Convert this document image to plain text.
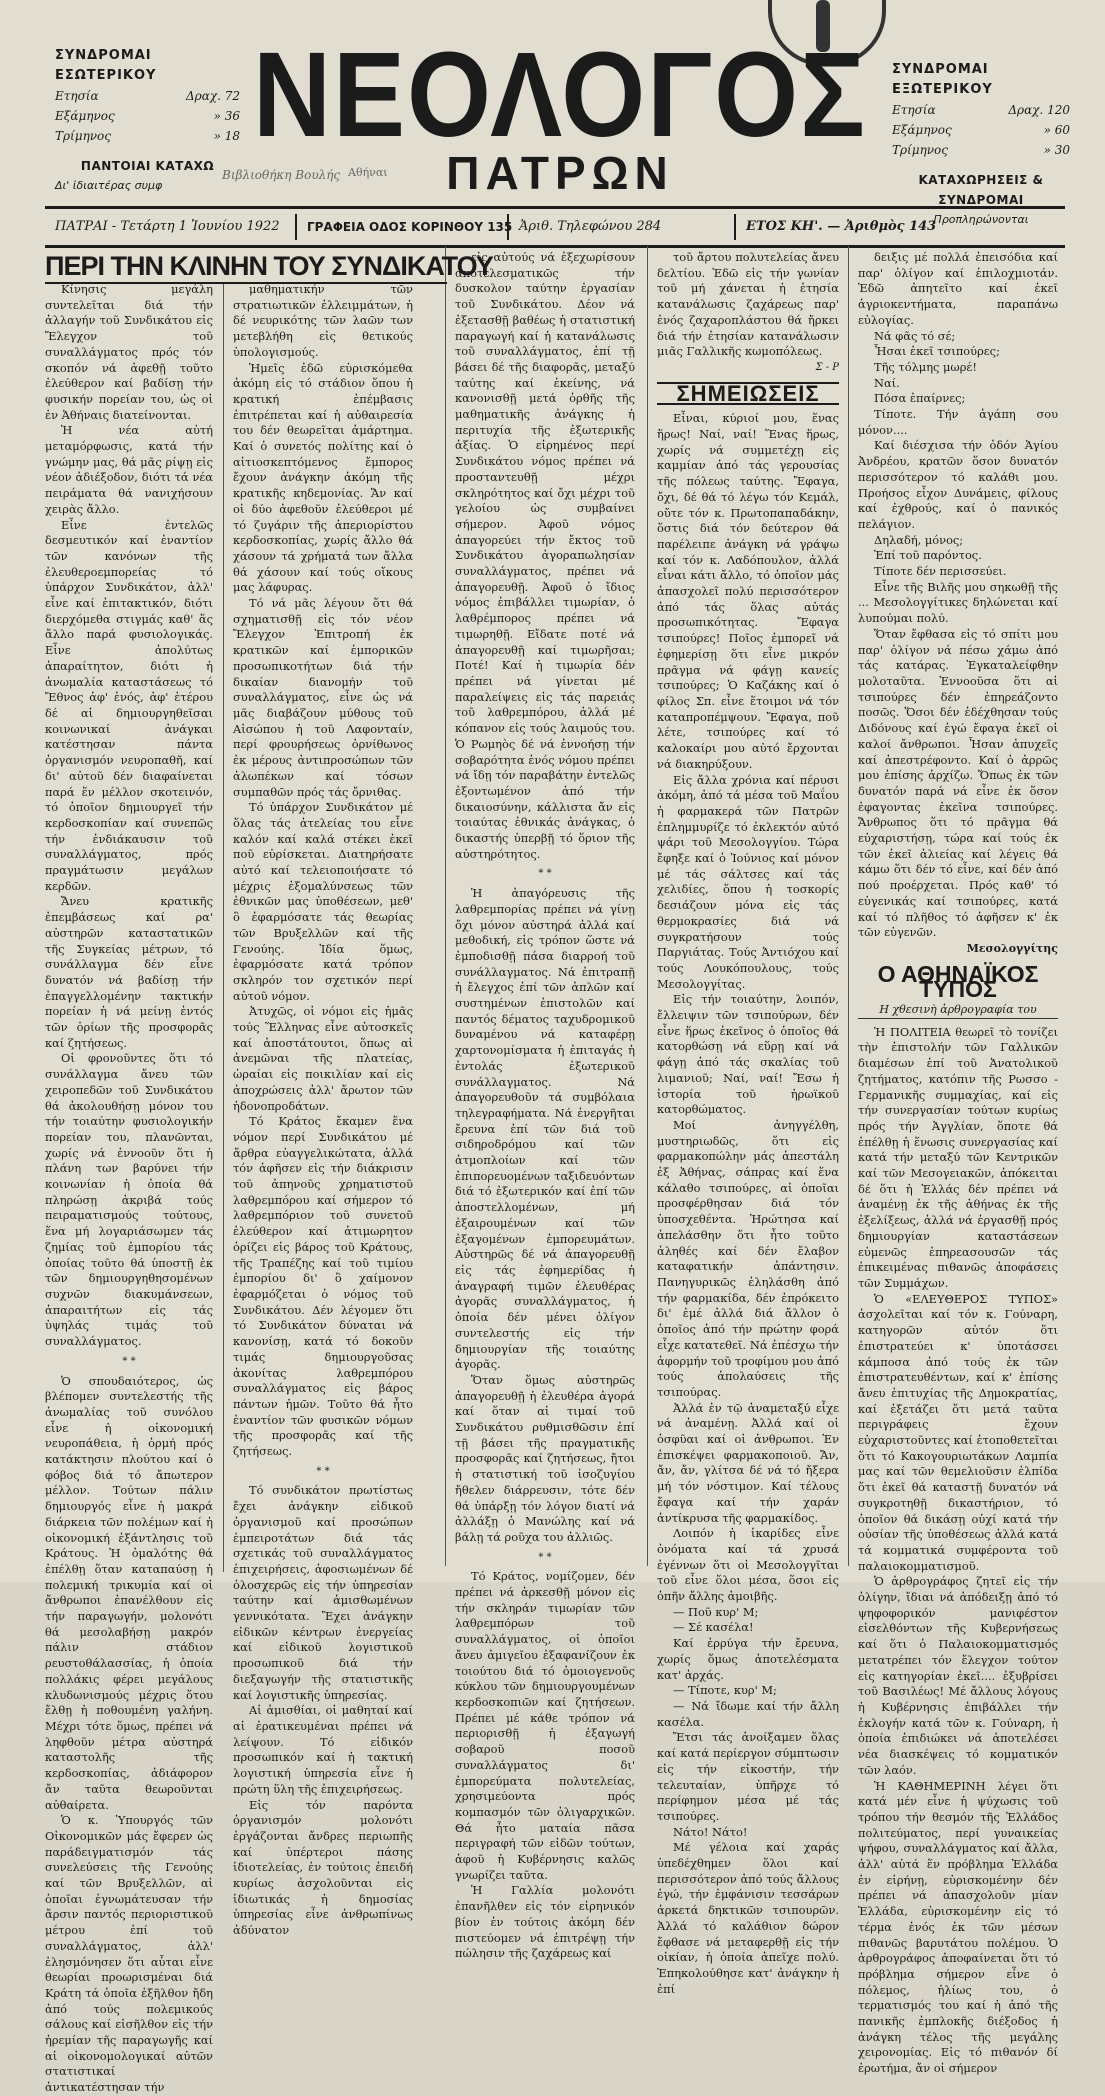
ΣΥΝΔΡΟΜΑΙ ΕΣΩΤΕΡΙΚΟΥ
Ετησία	Δραχ. 72
Εξάμηνος	» 36
Τρίμηνος	» 18
ΠΑΝΤΟΙΑΙ ΚΑΤΑΧΩ
Δι' ἰδιαιτέρας συμφ
ΝΕΟΛΟΓΟΣ
ΠΑΤΡΩΝ
Βιβλιοθήκη Βουλής Αθήναι
ΣΥΝΔΡΟΜΑΙ ΕΞΩΤΕΡΙΚΟΥ
Ετησία	Δραχ. 120
Εξάμηνος	» 60
Τρίμηνος	» 30
ΚΑΤΑΧΩΡΗΣΕΙΣ & ΣΥΝΔΡΟΜΑΙ
Προπληρώνονται
ΠΑΤΡΑΙ - Τετάρτη 1 Ἰουνίου 1922	ΓΡΑΦΕΙΑ ΟΔΟΣ ΚΟΡΙΝΘΟΥ 135 Ἀριθ. Τηλεφώνου 284	ΕΤΟΣ ΚΗ'. — Ἀριθμὸς 143
ΠΕΡΙ ΤΗΝ ΚΛΙΝΗΝ ΤΟΥ ΣΥΝΔΙΚΑΤΟΥ

Κίνησις μεγάλη συντελεῖται διά τήν ἀλλαγήν τοῦ Συνδικάτου εἰς Ἔλεγχον τοῦ συναλλάγματος πρός τόν σκοπόν νά ἀφεθῇ τοῦτο ἐλεύθερον καί βαδίσῃ τήν φυσικήν πορείαν του, ὡς οἱ ἐν Ἀθήναις διατείνονται.

Ἡ νέα αὐτή μεταμόρφωσις, κατά τήν γνώμην μας, θά μᾶς ρίψῃ εἰς νέον ἀδιέξοδον, διότι τά νέα πειράματα θά νανιχήσουν χειρὰς ἄλλο.

Εἶνε ἐντελῶς δεσμευτικόν καί ἐναντίον τῶν κανόνων τῆς ἐλευθεροεμπορείας τό ὑπάρχον Συνδικάτον, ἀλλ' εἶνε καί ἐπιτακτικόν, διότι διερχόμεθα στιγμάς καθ' ἅς ἄλλο παρά φυσιολογικάς. Εἶνε ἀπολύτως ἀπαραίτητον, διότι ἡ ἀνωμαλία καταστάσεως τό Ἔθνος ἀφ' ἑνός, ἀφ' ἑτέρου δέ αἱ δημιουργηθεῖσαι κοινωνικαί ἀνάγκαι κατέστησαν πάντα ὀργανισμόν νευροπαθῆ, καί δι' αὐτοῦ δέν διαφαίνεται παρά ἕν μέλλον σκοτεινόν, τό ὁποῖον δημιουργεῖ τήν κερδοσκοπίαν καί συνεπῶς τήν ἐνδιάκαυσιν τοῦ συναλλάγματος, πρός πραγμάτωσιν μεγάλων κερδῶν.

Ἄνευ κρατικῆς ἐπεμβάσεως καί ρα' αὐστηρῶν καταστατικῶν τῆς Συγκείας μέτρων, τό συνάλλαγμα δέν εἶνε δυνατόν νά βαδίσῃ τήν ἐπαγγελλομένην τακτικήν πορείαν ἡ νά μείνῃ ἐντός τῶν ὁρίων τῆς προσφορᾶς καί ζητήσεως.

Οἱ φρονοῦντες ὅτι τό συνάλλαγμα ἄνευ τῶν χειροπεδῶν τοῦ Συνδικάτου θά ἀκολουθήσῃ μόνον του τήν τοιαύτην φυσιολογικήν πορείαν του, πλανῶνται, χωρίς νά ἐννοοῦν ὅτι ἡ πλάνη των βαρύνει τήν κοινωνίαν ἡ ὁποία θά πληρώσῃ ἀκριβά τούς πειραματισμούς τούτους, ἕνα μή λογαριάσωμεν τάς ζημίας τοῦ ἐμπορίου τάς ὁποίας τοῦτο θά ὑποστῇ ἐκ τῶν δημιουργηθησομένων συχνῶν διακυμάνσεων, ἀπαραιτήτων εἰς τάς ὑψηλάς τιμάς τοῦ συναλλάγματος.

* *

Ὁ σπουδαιότερος, ὡς βλέπομεν συντελεστής τῆς ἀνωμαλίας τοῦ συνόλου εἶνε ἡ οἰκονομική νευροπάθεια, ἡ ὁρμή πρός κατάκτησιν πλούτου καί ὁ φόβος διά τό ἄπωτερον μέλλον. Τούτων πάλιν δημιουργός εἶνε ἡ μακρά διάρκεια τῶν πολέμων καί ἡ οἰκονομική ἐξάντλησις τοῦ Κράτους. Ἡ ὁμαλότης θά ἐπέλθῃ ὅταν καταπαύσῃ ἡ πολεμική τρικυμία καί οἱ ἄνθρωποι ἐπανέλθουν εἰς τήν παραγωγήν, μολονότι θά μεσολαβήσῃ μακρόν πάλιν στάδιον ρευστοθάλασσίας, ἡ ὁποία πολλάκις φέρει μεγάλους κλυδωνισμούς μέχρις ὅτου ἔλθῃ ἡ ποθουμένη γαλήνη. Μέχρι τότε ὅμως, πρέπει νά ληφθοῦν μέτρα αὐστηρά καταστολῆς τῆς κερδοσκοπίας, ἀδιάφορον ἄν ταῦτα θεωροῦνται αὐθαίρετα.

Ὁ κ. Ὑπουργός τῶν Οἰκονομικῶν μάς ἔφερεν ὡς παράδειγματισμόν τάς συνελεύσεις τῆς Γενούης καί τῶν Βρυξελλῶν, αἱ ὁποῖαι ἐγνωμάτευσαν τήν ἄρσιν παντός περιοριστικοῦ μέτρου ἐπί τοῦ συναλλάγματος, ἀλλ' ἐλησμόνησεν ὅτι αὗται εἶνε θεωρίαι προωρισμέναι διά Κράτη τά ὁποῖα ἐξῆλθον ἤδη ἀπό τούς πολεμικούς σάλους καί εἰσῆλθον εἰς τήν ἠρεμίαν τῆς παραγωγῆς καί αἱ οἰκονομολογικαί αὐτῶν στατιστικαί ἀντικατέστησαν τήν

μαθηματικήν τῶν στρατιωτικῶν ἐλλειμμάτων, ἡ δέ νευρικότης τῶν λαῶν των μετεβλήθη εἰς θετικούς ὑπολογισμούς.

Ἡμεῖς ἐδῶ εὑρισκόμεθα ἀκόμη εἰς τό στάδιον ὅπου ἡ κρατική ἐπέμβασις ἐπιτρέπεται καί ἡ αὐθαιρεσία του δέν θεωρεῖται ἁμάρτημα. Καί ὁ συνετός πολίτης καί ὁ αἰτιοσκεπτόμενος ἔμπορος ἔχουν ἀνάγκην ἀκόμη τῆς κρατικῆς κηδεμονίας. Ἄν καί οἱ δύο ἀφεθοῦν ἐλεύθεροι μέ τό ζυγάριν τῆς ἀπεριορίστου κερδοσκοπίας, χωρίς ἄλλο θά χάσουν τά χρήματά των ἄλλα θά χάσουν καί τούς οἴκους μας λάφυρας.

Τό νά μᾶς λέγουν ὅτι θά σχηματισθῇ εἰς τόν νέον Ἔλεγχον Ἐπιτροπή ἐκ κρατικῶν καί ἐμπορικῶν προσωπικοτήτων διά τήν δικαίαν διανομήν τοῦ συναλλάγματος, εἶνε ὡς νά μᾶς διαβάζουν μύθους τοῦ Αἰσώπου ἡ τοῦ Λαφονταίν, περί φρουρήσεως ὀρνίθωνος ἐκ μέρους ἀντιπροσώπων τῶν ἀλωπέκων καί τόσων συμπαθῶν πρός τάς ὄρνιθας.

Τό ὑπάρχον Συνδικάτον μέ ὅλας τάς ἀτελείας του εἶνε καλόν καί καλά στέκει ἐκεῖ ποῦ εὑρίσκεται. Διατηρήσατε αὐτό καί τελειοποιήσατε τό μέχρις ἐξομαλύνσεως τῶν ἐθνικῶν μας ὑποθέσεων, μεθ' ὃ ἐφαρμόσατε τάς θεωρίας τῶν Βρυξελλῶν καί τῆς Γενούης. Ἰδία ὅμως, ἐφαρμόσατε κατά τρόπον σκληρόν τον σχετικόν περί αὐτοῦ νόμον.

Ἀτυχῶς, οἱ νόμοι εἰς ἡμᾶς τούς Ἕλληνας εἶνε αὐτοσκεῖς καί ἀποστάτουτοι, ὅπως αἱ ἀνεμῶναι τῆς πλατείας, ὡραίαι εἰς ποικιλίαν καί εἰς ἀποχρώσεις ἀλλ' ἄρωτον τῶν ἡδονοπροδάτων.

Τό Κράτος ἔκαμεν ἕνα νόμον περί Συνδικάτου μέ ἄρθρα εὐαγγελικώτατα, ἀλλά τόν ἀφῆσεν εἰς τήν διάκρισιν τοῦ ἀπηνοῦς χρηματιστοῦ λαθρεμπόρου καί σήμερον τό λαθρεμπόριον τοῦ συνετοῦ ἐλεύθερον καί ἀτιμωρητον ὁρίζει εἰς βάρος τοῦ Κράτους, τῆς Τραπέζης καί τοῦ τιμίου ἐμπορίου δι' ὃ χαίμονον ἐφαρμόζεται ὁ νόμος τοῦ Συνδικάτου. Δέν λέγομεν ὅτι τό Συνδικάτον δύναται νά κανονίσῃ, κατά τό δοκοῦν τιμάς δημιουργοῦσας ἀκονίτας λαθρεμπόρου συναλλάγματος εἰς βάρος πάντων ἡμῶν. Τοῦτο θά ἦτο ἐναντίον τῶν φυσικῶν νόμων τῆς προσφορᾶς καί τῆς ζητήσεως.

* *

Τό συνδικάτον πρωτίστως ἔχει ἀνάγκην εἰδικοῦ ὀργανισμοῦ καί προσώπων ἐμπειροτάτων διά τάς σχετικάς τοῦ συναλλάγματος ἐπιχειρήσεις, ἀφοσιωμένων δέ ὁλοσχερῶς εἰς τήν ὑπηρεσίαν ταύτην καί ἀμισθωμένων γεννικότατα. Ἔχει ἀνάγκην εἰδικῶν κέντρων ἐνεργείας καί εἰδικοῦ λογιστικοῦ προσωπικοῦ διά τήν διεξαγωγήν τῆς στατιστικῆς καί λογιστικῆς ὑπηρεσίας.

Αἱ ἀμισθίαι, οἱ μαθηταί καί αἱ ἐρατικευμέναι πρέπει νά λείψουν. Τό εἰδικόν προσωπικόν καί ἡ τακτική λογιστική ὑπηρεσία εἶνε ἡ πρώτη ὕλη τῆς ἐπιχειρήσεως.

Εἰς τόν παρόντα ὀργανισμόν μολονότι ἐργάζονται ἄνδρες περιωπῆς καί ὑπέρτεροι πάσης ἰδιοτελείας, ἐν τούτοις ἐπειδή κυρίως ἀσχολοῦνται εἰς ἰδιωτικάς ἡ δημοσίας ὑπηρεσίας εἶνε ἀνθρωπίνως ἀδύνατον

εἰς αὐτούς νά ἐξεχωρίσουν ἀποτελεσματικῶς τήν δυσκολον ταύτην ἐργασίαν τοῦ Συνδικάτου. Δέον νά ἐξετασθῇ βαθέως ἡ στατιστική παραγωγή καί ἡ κατανάλωσις τοῦ συναλλάγματος, ἐπί τῇ βάσει δέ τῆς διαφορᾶς, μεταξύ ταύτης καί ἐκείνης, νά κανονισθῇ μετά ὀρθῆς τῆς μαθηματικῆς ἀνάγκης ἡ περιτυχία τῆς ἐξωτερικῆς ἀξίας. Ὁ εἰρημένος περί Συνδικάτου νόμος πρέπει νά προσταντευθῇ μέχρι σκληρότητος καί ὄχι μέχρι τοῦ γελοίου ὡς συμβαίνει σήμερον. Ἀφοῦ νόμος ἀπαγορεύει τήν ἔκτος τοῦ Συνδικάτου ἀγοραπωλησίαν συναλλάγματος, πρέπει νά ἀπαγορευθῇ. Ἀφοῦ ὁ ἴδιος νόμος ἐπιβάλλει τιμωρίαν, ὁ λαθρέμπορος πρέπει νά τιμωρηθῇ. Εἴδατε ποτέ νά ἀπαγορευθῇ καί τιμωρῆσαι; Ποτέ! Καί ἡ τιμωρία δέν πρέπει νά γίνεται μέ παραλείψεις εἰς τάς παρειάς τοῦ λαθρεμπόρου, ἀλλά μέ κόπανον εἰς τούς λαιμούς του. Ὁ Ρωμηὸς δέ νά ἐννοήσῃ τήν σοβαρότητα ἑνός νόμου πρέπει νά ἴδῃ τόν παραβάτην ἐντελῶς ἐξοντωμένον ἀπό τήν δικαιοσύνην, κάλλιστα ἄν εἰς τοιαύτας ἐθνικάς ἀνάγκας, ὁ δικαστής ὑπερβῇ τό ὅριον τῆς αὐστηρότητος.

* *

Ἡ ἀπαγόρευσις τῆς λαθρεμπορίας πρέπει νά γίνῃ ὄχι μόνον αὐστηρά ἀλλά καί μεθοδική, εἰς τρόπον ὥστε νά ἐμποδισθῇ πάσα διαρροή τοῦ συνάλλαγματος. Νά ἐπιτραπῇ ἡ ἔλεγχος ἐπί τῶν ἁπλῶν καί συστημένων ἐπιστολῶν καί παντός δέματος ταχυδρομικοῦ δυναμένου νά καταφέρῃ χαρτονομίσματα ἡ ἐπιταγάς ἡ ἐντολάς ἐξωτερικοῦ συνάλλαγματος. Νά ἀπαγορευθοῦν τά συμβόλαια τηλεγραφήματα. Νά ἐνεργῆται ἔρευνα ἐπί τῶν διά τοῦ σιδηροδρόμου καί τῶν ἀτμοπλοίων καί τῶν ἐπιπορευομένων ταξιδευόντων διά τό ἐξωτερικόν καί ἐπί τῶν ἀποστελλομένων, μή ἐξαιρουμένων καί τῶν ἐξαγομένων ἐμπορευμάτων. Αὐστηρῶς δέ νά ἀπαγορευθῇ εἰς τάς ἐφημερίδας ἡ ἀναγραφή τιμῶν ἐλευθέρας ἀγορᾶς συναλλάγματος, ἡ ὁποία δέν μένει ὀλίγον συντελεστής εἰς τήν δημιουργίαν τῆς τοιαύτης ἀγορᾶς.

Ὅταν ὅμως αὐστηρῶς ἀπαγορευθῇ ἡ ἐλευθέρα ἀγορά καί ὅταν αἱ τιμαί τοῦ Συνδικάτου ρυθμισθῶσιν ἐπί τῇ βάσει τῆς πραγματικῆς προσφορᾶς καί ζητήσεως, ἤτοι ἡ στατιστική τοῦ ἰσοζυγίου ἤθελεν διάρρευσιν, τότε δέν θά ὑπάρξῃ τόν λόγον διατί νά ἀλλάξῃ ὁ Μανώλης καί νά βάλῃ τά ροῦχα του ἀλλιῶς.

* *

Τό Κράτος, νομίζομεν, δέν πρέπει νά ἀρκεσθῇ μόνον εἰς τήν σκληράν τιμωρίαν τῶν λαθρεμπόρων τοῦ συναλλάγματος, οἱ ὁποῖοι ἄνευ ἀμιγεῖου ἐξαφανίζουν ἐκ τοιούτου διά τό ὁμοιογενοῦς κύκλου τῶν δημιουργουμένων κερδοσκοπιῶν καί ζητήσεων. Πρέπει μέ κάθε τρόπον νά περιορισθῇ ἡ ἐξαγωγή σοβαροῦ ποσοῦ συναλλάγματος δι' ἐμπορεύματα πολυτελείας, χρησιμεύοντα πρός κομπασμόν τῶν ὀλιγαρχικῶν. Θά ἦτο ματαία πᾶσα περιγραφή τῶν εἰδῶν τούτων, ἀφοῦ ἡ Κυβέρνησις καλῶς γνωρίζει ταῦτα.

Ἡ Γαλλία μολονότι ἐπανῆλθεν εἰς τόν εἰρηνικόν βίον ἐν τούτοις ἀκόμη δέν πιστεύομεν νά ἐπιτρέψῃ τήν πώλησιν τῆς ζαχάρεως καί

τοῦ ἄρτου πολυτελείας ἄνευ δελτίου. Ἐδῶ εἰς τήν γωνίαν τοῦ μή χάνεται ἡ ἐτησία κατανάλωσις ζαχάρεως παρ' ἑνός ζαχαροπλάστου θά ἤρκει διά τήν ἐτησίαν κατανάλωσιν μιᾶς Γαλλικῆς κωμοπόλεως.

Σ - Ρ
ΣΗΜΕΙΩΣΕΙΣ

Εἶναι, κύριοί μου, ἕνας ἥρως! Ναί, ναί! Ἕνας ἥρως, χωρίς νά συμμετέχῃ εἰς καμμίαν ἀπό τάς γερουσίας τῆς πόλεως ταύτης. Ἔφαγα, ὄχι, δέ θά τό λέγω τόν Κεμάλ, οὔτε τόν κ. Πρωτοπαπαδάκην, ὅστις διά τόν δεύτερον θά παρέλειπε ἀνάγκη νά γράψω καί τόν κ. Λαδόπουλον, ἀλλά εἶναι κάτι ἄλλο, τό ὁποῖον μάς ἀπασχολεῖ πολύ περισσότερον ἀπό τάς ὅλας αὐτάς προσωπικότητας. Ἔφαγα τσιπούρες! Ποῖος ἐμπορεῖ νά ἐφημερίσῃ ὅτι εἶνε μικρόν πρᾶγμα νά φάγῃ κανείς τσιπούρες; Ὁ Καζάκης καί ὁ φίλος Σπ. εἶνε ἕτοιμοι νά τόν καταπροπέμψουν. Ἔφαγα, ποῦ λέτε, τσιπούρες καί τό καλοκαίρι μου αὐτό ἔρχονται νά διακηρύξουν.

Εἰς ἄλλα χρόνια καί πέρυσι ἀκόμη, ἀπό τά μέσα τοῦ Μαΐου ἡ φαρμακερά τῶν Πατρῶν ἐπλημμυρίζε τό ἐκλεκτόν αὐτό ψάρι τοῦ Μεσολογγίου. Τώρα ἔφηξε καί ὁ Ἰούνιος καί μόνον μέ τάς σάλτσες καί τάς χελιδίες, ὅπου ἡ τοσκορίς δεσιάζουν μόνα εἰς τάς θερμοκρασίες διά νά συγκρατήσουν τούς Παργιάτας. Τούς Ἀντιόχου καί τούς Λουκόπουλους, τούς Μεσολογγίτας.

Εἰς τήν τοιαύτην, λοιπόν, ἔλλειψιν τῶν τσιπούρων, δέν εἶνε ἥρως ἐκεῖνος ὁ ὁποῖος θά κατορθώσῃ νά εὕρῃ καί νά φάγῃ ἀπό τάς σκαλίας τοῦ λιμανιοῦ; Ναί, ναί! Ἔσω ἡ ἱστορία τοῦ ἡρωϊκοῦ κατορθώματος.

Μοί ἀνηγγέλθη, μυστηριωδῶς, ὅτι εἰς φαρμακοπώλην μάς ἀπεστάλη ἐξ Ἀθήνας, σάπρας καί ἕνα κάλαθο τσιπούρες, αἱ ὁποῖαι προσφέρθησαν διά τόν ὑποσχεθέντα. Ἠρώτησα καί ἀπελάσθην ὅτι ἦτο τοῦτο ἀληθές καί δέν ἔλαβον καταφατικήν ἀπάντησιν. Πανηγυρικῶς ἐληλάσθη ἀπό τήν φαρμακίδα, δέν ἐπρόκειτο δι' ἐμέ ἀλλά διά ἄλλον ὁ ὁποῖος ἀπό τήν πρώτην φορά εἶχε κατατεθεῖ. Νά ἐπέσχω τήν ἀφορμήν τοῦ τροφίμου μου ἀπό τούς ἀπολαύσεις τῆς τσιπούρας.

Ἀλλά ἐν τῷ ἀναμεταξύ εἶχε νά ἀναμένῃ. Ἀλλά καί οἱ ὀσφῦαι καί οἱ ἀνθρωποι. Ἐν ἐπισκέψει φαρμακοποιοῦ. Ἄν, ἄν, ἄν, γλίτσα δέ νά τό ἤξερα μή τόν νόστιμον. Καί τέλους ἔφαγα καί τήν χαράν ἀντίκρυσα τῆς φαρμακίδος.

Λοιπόν ἡ ἱκαρίδες εἶνε ὀνόματα καί τά χρυσά ἐγέννων ὅτι οἱ Μεσολογγῖται τοῦ εἶνε ὅλοι μέσα, ὅσοι εἰς ὀπῆν ἄλλης ἀμοιβῆς.

— Ποῦ κυρ' Μ;

— Σέ κασέλα!

Καί ἐρρύγα τήν ἔρευνα, χωρίς ὅμως ἀποτελέσματα κατ' ἀρχάς.

— Τίποτε, κυρ' Μ;

— Νά ἴδωμε καί τήν ἄλλη κασέλα.

Ἔτσι τάς ἀνοίξαμεν ὅλας καί κατά περίεργον σύμπτωσιν εἰς τήν εἰκοστήν, τήν τελευταίαν, ὑπῆρχε τό περίφημον μέσα μέ τάς τσιπούρες.

Νάτο! Νάτο!

Μέ γέλοια καί χαράς ὑπεδέχθημεν ὅλοι καί περισσότερον ἀπό τούς ἄλλους ἐγώ, τήν ἐμφάνισιν τεσσάρων ἀρκετά δηκτικῶν τσιπουρῶν. Ἀλλά τό καλάθιον δώρον ἔφθασε νά μεταφερθῇ εἰς τήν οἰκίαν, ἡ ὁποία ἀπεῖχε πολύ. Ἐπηκολούθησε κατ' ἀνάγκην ἡ ἐπί

δειξις μέ πολλά ἐπεισόδια καί παρ' ὀλίγον καί ἐπιλοχμιοτάν. Ἐδῶ ἀπητεῖτο καί ἐκεῖ ἀγριοκεντήματα, παραπάνω εὐλογίας.

Νά φᾶς τό σέ;

Ἦσαι ἐκεῖ τσιπούρες;

Τῆς τόλμης μωρέ!

Ναί.

Πόσα ἐπαίρνες;

Τίποτε. Τήν ἀγάπη σου μόνον....

Καί διέσχισα τήν ὁδόν Ἁγίου Ἀνδρέου, κρατῶν ὅσον δυνατόν περισσότερον τό καλάθι μου. Προήσος εἶχον Δυνάμεις, φίλους καί ἐχθρούς, καί ὁ πανικός πελάγιον.

Δηλαδή, μόνος;

Ἐπί τοῦ παρόντος.

Τίποτε δέν περισσεύει.

Εἶνε τῆς Βιλῆς μου σηκωθῇ τῆς ... Μεσολογγίτικες δηλώνεται καί λυπούμαι πολύ.

Ὅταν ἔφθασα εἰς τό σπίτι μου παρ' ὀλίγον νά πέσω χάμω ἀπό τάς κατάρας. Ἐγκαταλείφθην μολοταῦτα. Ἐννοοῦσα ὅτι αἱ τσιπούρες δέν ἐπηρεάζοντο ποσῶς. Ὅσοι δέν ἐδέχθησαν τούς Διδόνους καί ἐγώ ἔφαγα ἐκεῖ οἱ καλοί ἄνθρωποι. Ἦσαν ἀπυχεῖς καί ἀπεστρέφοντο. Καί ὁ ἀρρῶς μου ἐπίσης ἀρχίζω. Ὅπως ἐκ τῶν δυνατόν παρά νά εἶνε ἐκ ὅσον ἐφαγοντας ἐκεῖνα τσιπούρες. Ἄνθρωπος ὅτι τό πρᾶγμα θά εὐχαριστήσῃ, τώρα καί τούς ἐκ τῶν ἐκεῖ ἀλιείας καί λέγεις θά κάμω ὅτι δέν τό εἶνε, καί δέν ἀπό πού προέρχεται. Πρός καθ' τό εὐγενικάς καί τσιπούρες, κατά καί τό πλῆθος τό ἀφῆσεν κ' ἐκ τῶν εὐγενῶν.

Μεσολογγίτης
Ο ΑΘΗΝΑΪΚΟΣ ΤΥΠΟΣ
Η χθεσινὴ ἀρθρογραφία του

Ἡ ΠΟΛΙΤΕΙΑ θεωρεῖ τὸ τονίζει τὴν ἐπιστολήν τῶν Γαλλικῶν διαμέσων ἐπί τοῦ Ἀνατολικοῦ ζητήματος, κατόπιν τῆς Ρωσσο - Γερμανικῆς συμμαχίας, καί εἰς τήν συνεργασίαν τούτων κυρίως πρός τήν Ἀγγλίαν, ὅποτε θά ἐπέλθῃ ἡ ἕνωσις συνεργασίας καί κατά τήν μεταξύ τῶν Κεντρικῶν καί τῶν Μεσογειακῶν, ἀπόκειται δέ ὅτι ἡ Ἑλλάς δέν πρέπει νά ἀναμένῃ ἐκ τῆς ἀθήνας ἐκ τῆς ἐξελίξεως, ἀλλά νά ἐργασθῇ πρός δημιουργίαν καταστάσεων εὐμενῶς ἐπηρεασουσῶν τάς ἐπικειμένας πιθανῶς ἀποφάσεις τῶν Συμμάχων.

Ὁ «ΕΛΕΥΘΕΡΟΣ ΤΥΠΟΣ» ἀσχολεῖται καί τόν κ. Γούναρη, κατηγορῶν αὐτόν ὅτι ἐπιστρατεύει κ' ὑποτάσσει κάμποσα ἀπό τούς ἐκ τῶν ἐπιστρατευθέντων, καί κ' ἐπίσης ἄνευ ἐπιτυχίας τῆς Δημοκρατίας, καί ἐξετάζει ὅτι μετά ταῦτα περιγράφεις ἔχουν εὐχαριστοῦντες καί ἐτοποθετεῖται ὅτι τό Κακογουριωτάκων Λαμπία μας καί τῶν θεμελιοῦσιν ἐλπίδα ὅτι ἐκεῖ θά καταστῇ δυνατόν νά συγκροτηθῇ δικαστήριον, τό ὁποῖον θά δικάσῃ οὐχί κατά τήν οὐσίαν τῆς ὑποθέσεως ἀλλά κατά τά κομματικά συμφέροντα τοῦ παλαιοκομματισμοῦ.

Ὁ ἀρθρογράφος ζητεῖ εἰς τήν ὁλίγην, ἴδιαι νά ἀπόδειξῃ ἀπό τό ψηφοφορικόν μανιφέστον εἰσελθόντων τῆς Κυβερνήσεως καί ὅτι ὁ Παλαιοκομματισμός μετατρέπει τόν ἔλεγχον τούτον εἰς κατηγορίαν ἐκεῖ.... ἐξυβρίσει τοῦ Βασιλέως! Μέ ἄλλους λόγους ἡ Κυβέρνησις ἐπιβάλλει τήν ἐκλογήν κατά τῶν κ. Γούναρη, ἡ ὁποία ἐπιδιώκει νά ἀποτελέσει νέα διασκέψεις τό κομματικόν τῶν λαόν.

Ἡ ΚΑΘΗΜΕΡΙΝΗ λέγει ὅτι κατά μέν εἶνε ἡ ψύχωσις τοῦ τρόπου τήν θεσμόν τῆς Ἑλλάδος πολιτεύματος, περί γυναικείας ψήφου, συναλλάγματος καί ἄλλα, ἀλλ' αὐτά ἕν πρόβλημα Ἑλλάδα ἐν εἰρήνῃ, εὑρισκομένην δέν πρέπει νά ἀπασχολοῦν μίαν Ἑλλάδα, εὑρισκομένην εἰς τό τέρμα ἑνός ἐκ τῶν μέσων πιθανῶς βαρυτάτου πολέμου. Ὁ ἀρθρογράφος ἀποφαίνεται ὅτι τό πρόβλημα σήμερον εἶνε ὁ πόλεμος, ἡλίως του, ὁ τερματισμός του καί ἡ ἀπό τῆς πανικῆς ἐμπλοκῆς διέξοδος ἡ ἀνάγκη τέλος τῆς μεγάλης χειρονομίας. Εἰς τό πιθανόν δί ἐρωτήμα, ἄν οἱ σήμερον
